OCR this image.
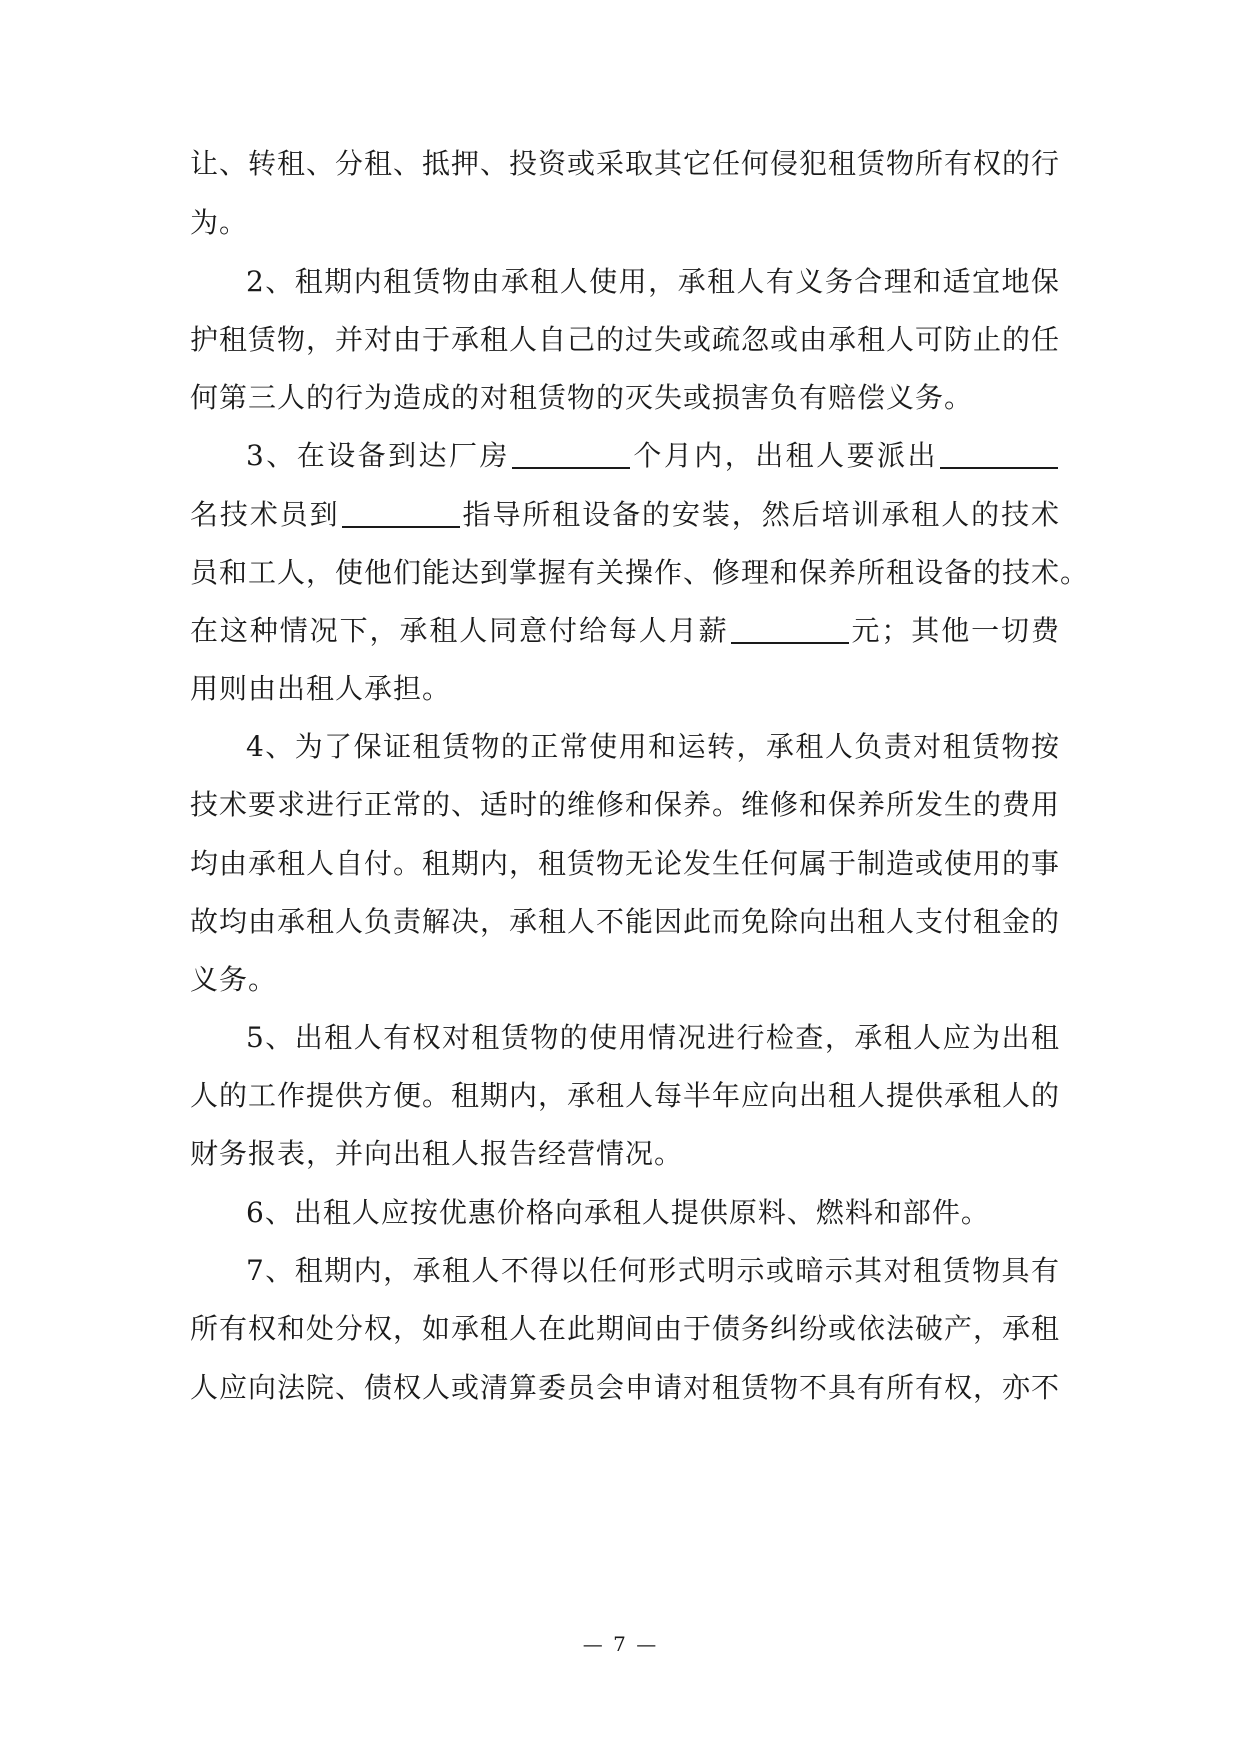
让、转租、分租、抵押、投资或采取其它任何侵犯租赁物所有权的行
为。
2、租期内租赁物由承租人使用，承租人有义务合理和适宜地保
护租赁物，并对由于承租人自己的过失或疏忽或由承租人可防止的任
何第三人的行为造成的对租赁物的灭失或损害负有赔偿义务。
3、在设备到达厂房	个月内，出租人要派出
名技术员到	指导所租设备的安装，然后培训承租人的技术
员和工人，使他们能达到掌握有关操作、修理和保养所租设备的技术。
在这种情况下，承租人同意付给每人月薪	元；其他一切费
用则由出租人承担。
4、为了保证租赁物的正常使用和运转，承租人负责对租赁物按
技术要求进行正常的、适时的维修和保养。维修和保养所发生的费用
均由承租人自付。租期内，租赁物无论发生任何属于制造或使用的事
故均由承租人负责解决，承租人不能因此而免除向出租人支付租金的
义务。
5、出租人有权对租赁物的使用情况进行检查，承租人应为出租
人的工作提供方便。租期内，承租人每半年应向出租人提供承租人的
财务报表，并向出租人报告经营情况。
6、出租人应按优惠价格向承租人提供原料、燃料和部件。
7、租期内，承租人不得以任何形式明示或暗示其对租赁物具有
所有权和处分权，如承租人在此期间由于债务纠纷或依法破产，承租
人应向法院、债权人或清算委员会申请对租赁物不具有所有权，亦不
— 7 —
